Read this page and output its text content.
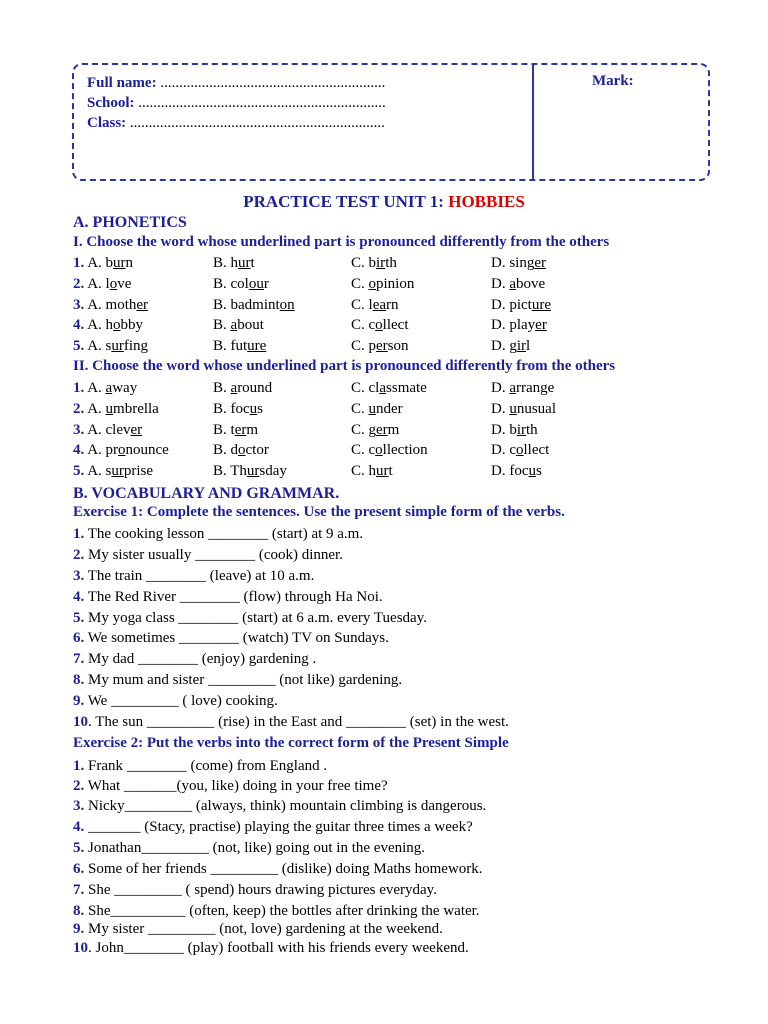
Full name: ............................................................
School: ..................................................................
Class: ....................................................................
Mark:
PRACTICE TEST UNIT 1: HOBBIES
A. PHONETICS
I. Choose the word whose underlined part is pronounced differently from the others
1. A. burn	B. hurt	C. birth	D. singer
2. A. love	B. colour	C. opinion	D. above
3. A. mother	B. badminton	C. learn	D. picture
4. A. hobby	B. about	C. collect	D. player
5. A. surfing	B. future	C. person	D. girl
II. Choose the word whose underlined part is pronounced differently from the others
1. A. away	B. around	C. classmate	D. arrange
2. A. umbrella	B. focus	C. under	D. unusual
3. A. clever	B. term	C. germ	D. birth
4. A. pronounce	B. doctor	C. collection	D. collect
5. A. surprise	B. Thursday	C. hurt	D. focus
B. VOCABULARY AND GRAMMAR.
Exercise 1: Complete the sentences. Use the present simple form of the verbs.
1. The cooking lesson ________ (start) at 9 a.m.
2. My sister usually ________ (cook) dinner.
3. The train ________ (leave) at 10 a.m.
4. The Red River ________ (flow) through Ha Noi.
5. My yoga class ________ (start) at 6 a.m. every Tuesday.
6. We sometimes ________ (watch) TV on Sundays.
7. My dad ________ (enjoy) gardening .
8. My mum and sister _________ (not like) gardening.
9. We _________ ( love) cooking.
10. The sun _________ (rise) in the East and ________ (set) in the west.
Exercise 2: Put the verbs into the correct form of the Present Simple
1. Frank ________ (come) from England .
2. What _______(you, like) doing in your free time?
3. Nicky_________ (always, think) mountain climbing is dangerous.
4. _______ (Stacy, practise) playing the guitar three times a week?
5. Jonathan_________ (not, like) going out in the evening.
6. Some of her friends _________ (dislike) doing Maths homework.
7. She _________ ( spend) hours drawing pictures everyday.
8. She__________ (often, keep) the bottles after drinking the water.
9. My sister _________ (not, love) gardening at the weekend.
10. John________ (play) football with his friends every weekend.
